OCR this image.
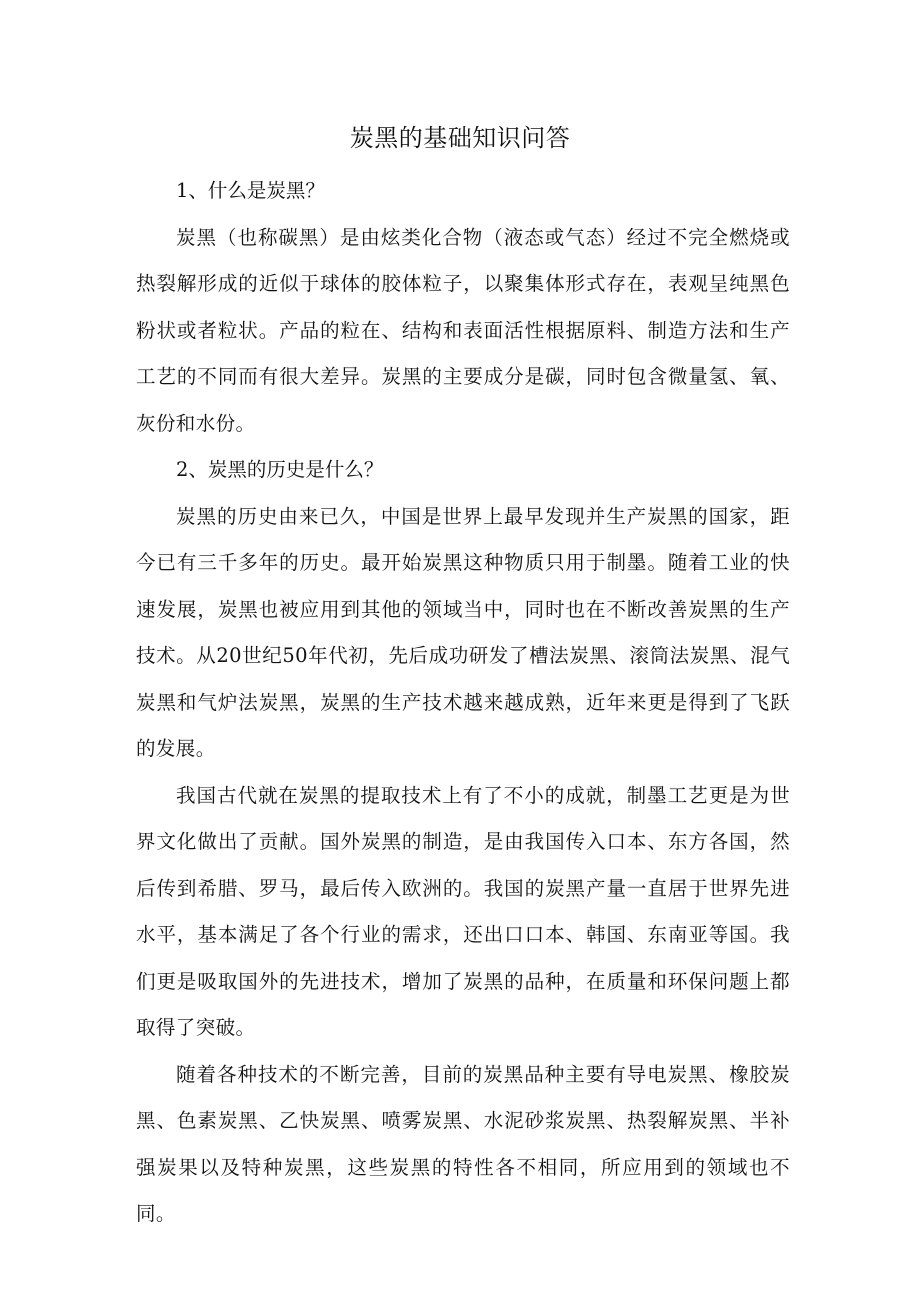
炭黑的基础知识问答

1、什么是炭黑？

炭黑（也称碳黑）是由炫类化合物（液态或气态）经过不完全燃烧或热裂解形成的近似于球体的胶体粒子，以聚集体形式存在，表观呈纯黑色粉状或者粒状。产品的粒在、结构和表面活性根据原料、制造方法和生产工艺的不同而有很大差异。炭黑的主要成分是碳，同时包含微量氢、氧、灰份和水份。

2、炭黑的历史是什么？

炭黑的历史由来已久，中国是世界上最早发现并生产炭黑的国家，距今已有三千多年的历史。最开始炭黑这种物质只用于制墨。随着工业的快速发展，炭黑也被应用到其他的领域当中，同时也在不断改善炭黑的生产技术。从20世纪50年代初，先后成功研发了槽法炭黑、滚筒法炭黑、混气炭黑和气炉法炭黑，炭黑的生产技术越来越成熟，近年来更是得到了飞跃的发展。

我国古代就在炭黑的提取技术上有了不小的成就，制墨工艺更是为世界文化做出了贡献。国外炭黑的制造，是由我国传入口本、东方各国，然后传到希腊、罗马，最后传入欧洲的。我国的炭黑产量一直居于世界先进水平，基本满足了各个行业的需求，还出口口本、韩国、东南亚等国。我们更是吸取国外的先进技术，增加了炭黑的品种，在质量和环保问题上都取得了突破。

随着各种技术的不断完善，目前的炭黑品种主要有导电炭黑、橡胶炭黑、色素炭黑、乙快炭黑、喷雾炭黑、水泥砂浆炭黑、热裂解炭黑、半补强炭果以及特种炭黑，这些炭黑的特性各不相同，所应用到的领域也不同。
